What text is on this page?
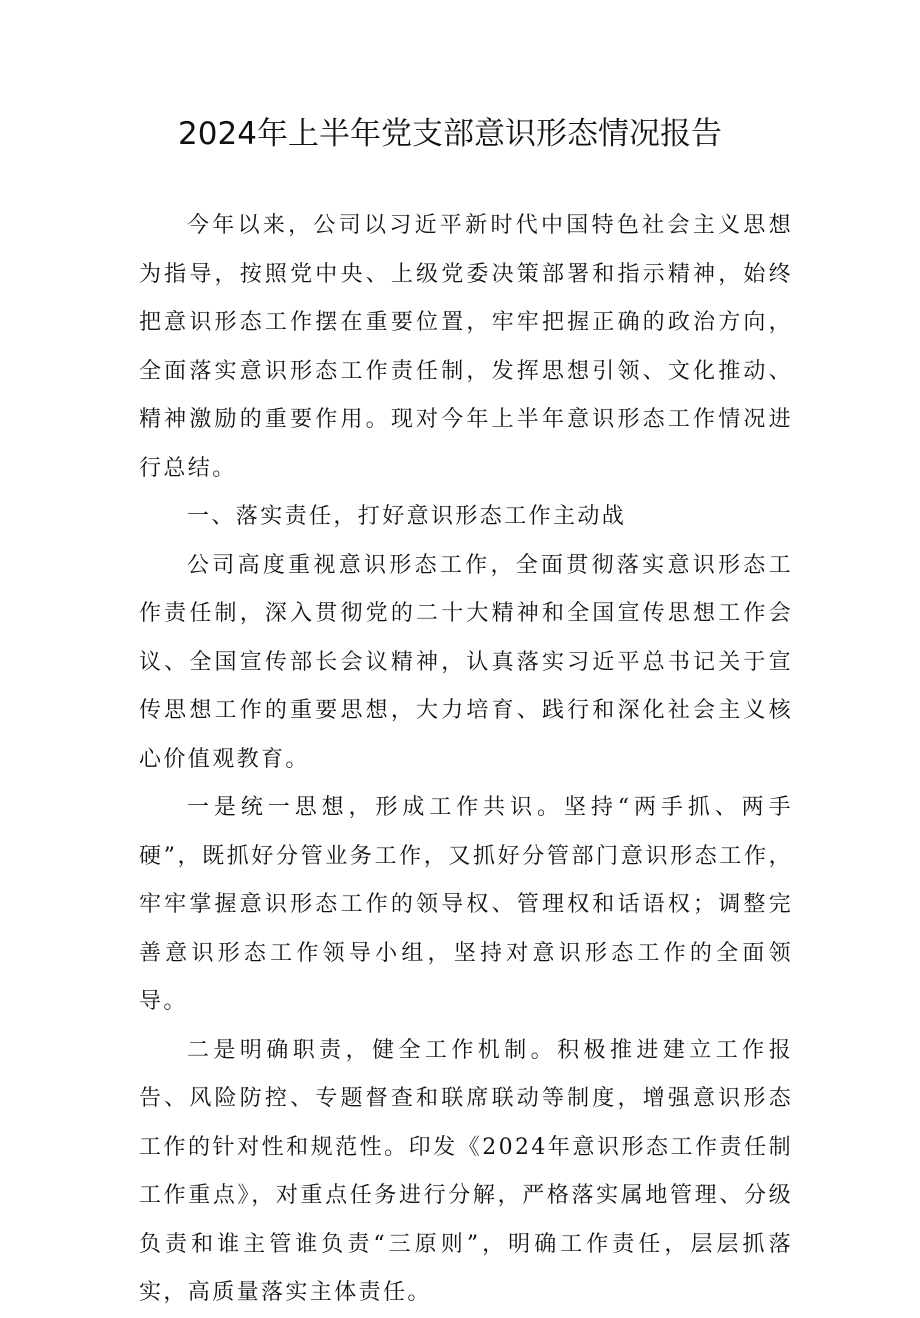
2024年上半年党支部意识形态情况报告

今年以来，公司以习近平新时代中国特色社会主义思想为指导，按照党中央、上级党委决策部署和指示精神，始终把意识形态工作摆在重要位置，牢牢把握正确的政治方向，全面落实意识形态工作责任制，发挥思想引领、文化推动、精神激励的重要作用。现对今年上半年意识形态工作情况进行总结。

一、落实责任，打好意识形态工作主动战

公司高度重视意识形态工作，全面贯彻落实意识形态工作责任制，深入贯彻党的二十大精神和全国宣传思想工作会议、全国宣传部长会议精神，认真落实习近平总书记关于宣传思想工作的重要思想，大力培育、践行和深化社会主义核心价值观教育。

一是统一思想，形成工作共识。坚持“两手抓、两手硬”，既抓好分管业务工作，又抓好分管部门意识形态工作，牢牢掌握意识形态工作的领导权、管理权和话语权；调整完善意识形态工作领导小组，坚持对意识形态工作的全面领导。

二是明确职责，健全工作机制。积极推进建立工作报告、风险防控、专题督查和联席联动等制度，增强意识形态工作的针对性和规范性。印发《2024年意识形态工作责任制工作重点》，对重点任务进行分解，严格落实属地管理、分级负责和谁主管谁负责“三原则”，明确工作责任，层层抓落实，高质量落实主体责任。
